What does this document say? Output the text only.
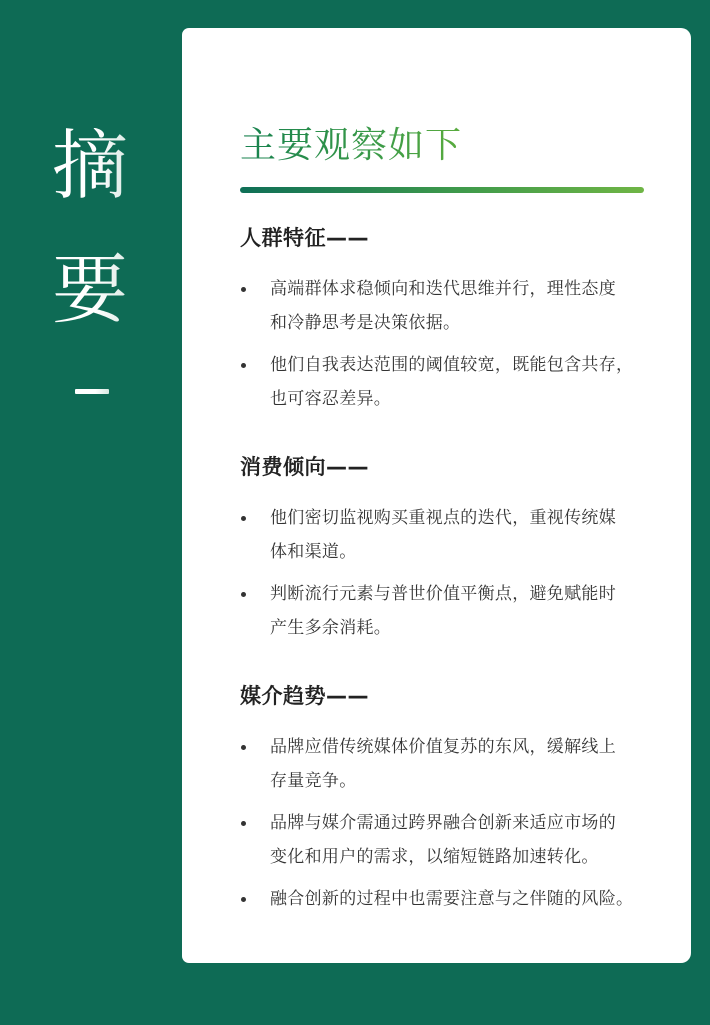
摘
要
主要观察如下
人群特征——
高端群体求稳倾向和迭代思维并行，理性态度
和冷静思考是决策依据。
他们自我表达范围的阈值较宽，既能包含共存，
也可容忍差异。
消费倾向——
他们密切监视购买重视点的迭代，重视传统媒
体和渠道。
判断流行元素与普世价值平衡点，避免赋能时
产生多余消耗。
媒介趋势——
品牌应借传统媒体价值复苏的东风，缓解线上
存量竞争。
品牌与媒介需通过跨界融合创新来适应市场的
变化和用户的需求，以缩短链路加速转化。
融合创新的过程中也需要注意与之伴随的风险。
